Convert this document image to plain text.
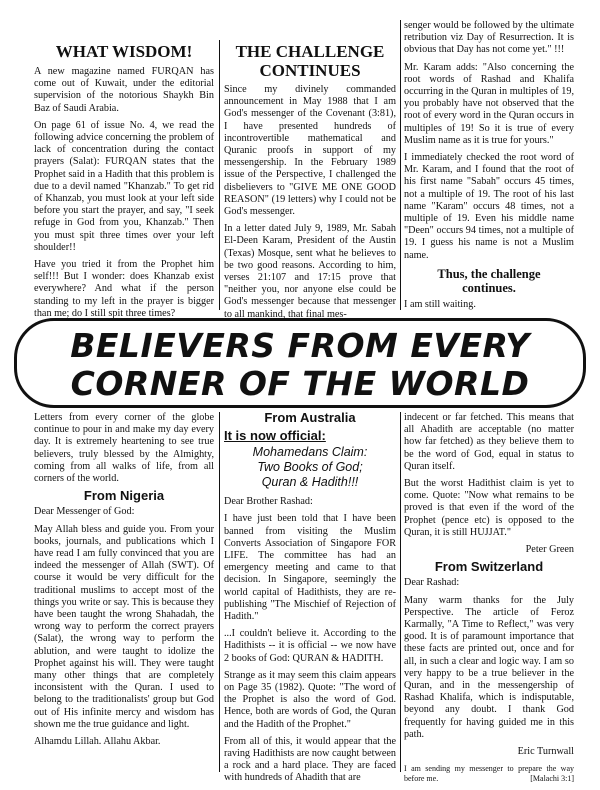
WHAT WISDOM!

A new magazine named FURQAN has come out of Kuwait, under the editorial supervision of the notorious Shaykh Bin Baz of Saudi Arabia.

On page 61 of issue No. 4, we read the following advice concerning the problem of lack of concentration during the contact prayers (Salat): FURQAN states that the Prophet said in a Hadith that this problem is due to a devil named "Khanzab." To get rid of Khanzab, you must look at your left side before you start the prayer, and say, "I seek refuge in God from you, Khanzab." Then you must spit three times over your left shoulder!!

Have you tried it from the Prophet him self!!! But I wonder: does Khanzab exist everywhere? And what if the person standing to my left in the prayer is bigger than me; do I still spit three times?

THE CHALLENGE
CONTINUES

Since my divinely commanded announcement in May 1988 that I am God's messenger of the Covenant (3:81), I have presented hundreds of incontrovertible mathematical and Quranic proofs in support of my messengership. In the February 1989 issue of the Perspective, I challenged the disbelievers to "GIVE ME ONE GOOD REASON" (19 letters) why I could not be God's messenger.

In a letter dated July 9, 1989, Mr. Sabah El-Deen Karam, President of the Austin (Texas) Mosque, sent what he believes to be two good reasons. According to him, verses 21:107 and 17:15 prove that "neither you, nor anyone else could be God's messenger because that messenger to all mankind, that final mes-

senger would be followed by the ultimate retribution viz Day of Resurrection. It is obvious that Day has not come yet." !!!

Mr. Karam adds: "Also concerning the root words of Rashad and Khalifa occurring in the Quran in multiples of 19, you probably have not observed that the root of every word in the Quran occurs in multiples of 19! So it is true of every Muslim name as it is true for yours."

I immediately checked the root word of Mr. Karam, and I found that the root of his first name "Sabah" occurs 45 times, not a multiple of 19. The root of his last name "Karam" occurs 48 times, not a multiple of 19. Even his middle name "Deen" occurs 94 times, not a multiple of 19. I guess his name is not a Muslim name.

Thus, the challenge
continues.

I am still waiting.

BELIEVERS FROM EVERY
CORNER OF THE WORLD

Letters from every corner of the globe continue to pour in and make my day every day. It is extremely heartening to see true believers, truly blessed by the Almighty, coming from all walks of life, from all corners of the world.

From Nigeria

Dear Messenger of God:

May Allah bless and guide you. From your books, journals, and publications which I have read I am fully convinced that you are indeed the messenger of Allah (SWT). Of course it would be very difficult for the traditional muslims to accept most of the things you write or say. This is because they have been taught the wrong Shahadah, the wrong way to perform the correct prayers (Salat), the wrong way to perform the ablution, and were taught to idolize the Prophet against his will. They were taught many other things that are completely inconsistent with the Quran. I used to belong to the traditionalists' group but God out of His infinite mercy and wisdom has shown me the true guidance and light.

Alhamdu Lillah. Allahu Akbar.

From Australia
It is now official:
Mohamedans Claim:
Two Books of God;
Quran & Hadith!!!

Dear Brother Rashad:

I have just been told that I have been banned from visiting the Muslim Converts Association of Singapore FOR LIFE. The committee has had an emergency meeting and came to that decision. In Singapore, seemingly the world capital of Hadithists, they are re-publishing "The Mischief of Rejection of Hadith."

...I couldn't believe it. According to the Hadithists -- it is official -- we now have 2 books of God: QURAN & HADITH.

Strange as it may seem this claim appears on Page 35 (1982). Quote: "The word of the Prophet is also the word of God. Hence, both are words of God, the Quran and the Hadith of the Prophet."

From all of this, it would appear that the raving Hadithists are now caught between a rock and a hard place. They are faced with hundreds of Ahadith that are

indecent or far fetched. This means that all Ahadith are acceptable (no matter how far fetched) as they believe them to be the word of God, equal in status to Quran itself.

But the worst Hadithist claim is yet to come. Quote: "Now what remains to be proved is that even if the word of the Prophet (pence etc) is opposed to the Quran, it is still HUJJAT."

Peter Green

From Switzerland

Dear Rashad:

Many warm thanks for the July Perspective. The article of Feroz Karmally, "A Time to Reflect," was very good. It is of paramount importance that these facts are printed out, once and for all, in such a clear and logic way. I am so very happy to be a true believer in the Quran, and in the messengership of Rashad Khalifa, which is indisputable, beyond any doubt. I thank God frequently for having guided me in this path.

Eric Turnwall

I am sending my messenger to prepare the way before me.	[Malachi 3:1]
